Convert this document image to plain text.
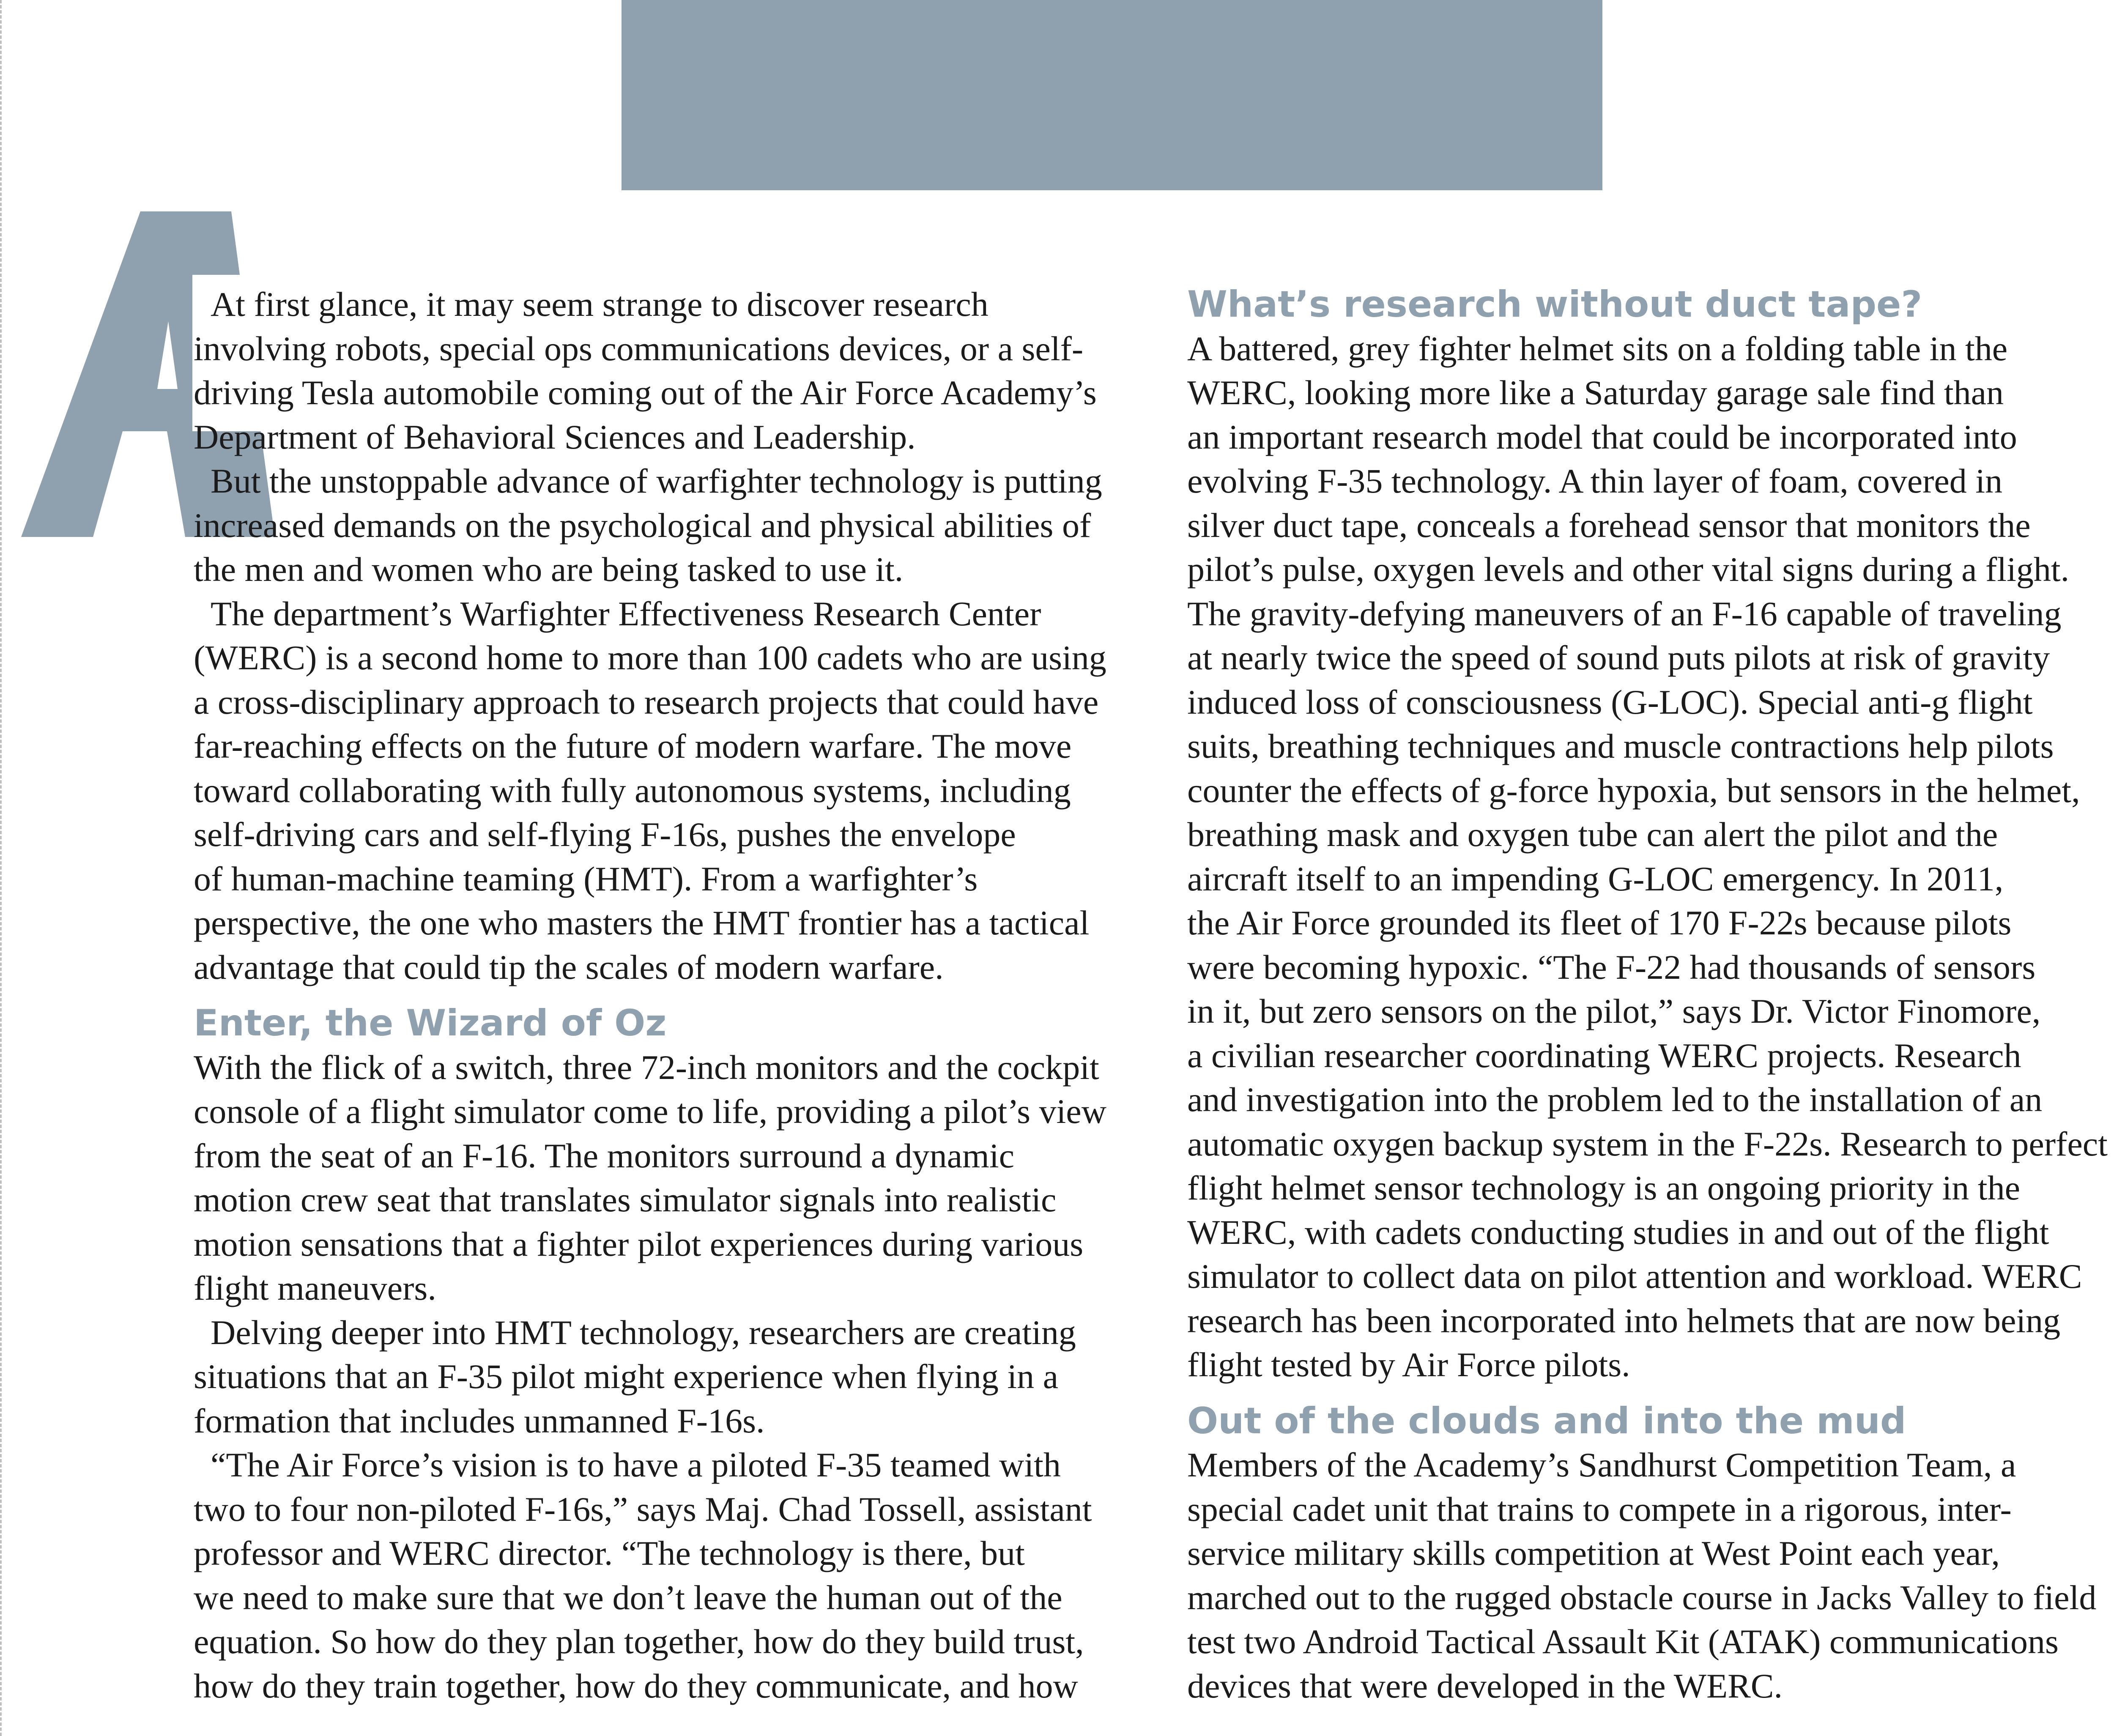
At first glance, it may seem strange to discover research
involving robots, special ops communications devices, or a self-
driving Tesla automobile coming out of the Air Force Academy’s
Department of Behavioral Sciences and Leadership.
But the unstoppable advance of warfighter technology is putting
increased demands on the psychological and physical abilities of
the men and women who are being tasked to use it.
The department’s Warfighter Effectiveness Research Center
(WERC) is a second home to more than 100 cadets who are using
a cross-disciplinary approach to research projects that could have
far-reaching effects on the future of modern warfare. The move
toward collaborating with fully autonomous systems, including
self-driving cars and self-flying F-16s, pushes the envelope
of human-machine teaming (HMT). From a warfighter’s
perspective, the one who masters the HMT frontier has a tactical
advantage that could tip the scales of modern warfare.
Enter, the Wizard of Oz
With the flick of a switch, three 72-inch monitors and the cockpit
console of a flight simulator come to life, providing a pilot’s view
from the seat of an F-16. The monitors surround a dynamic
motion crew seat that translates simulator signals into realistic
motion sensations that a fighter pilot experiences during various
flight maneuvers.
Delving deeper into HMT technology, researchers are creating
situations that an F-35 pilot might experience when flying in a
formation that includes unmanned F-16s.
“The Air Force’s vision is to have a piloted F-35 teamed with
two to four non-piloted F-16s,” says Maj. Chad Tossell, assistant
professor and WERC director. “The technology is there, but
we need to make sure that we don’t leave the human out of the
equation. So how do they plan together, how do they build trust,
how do they train together, how do they communicate, and how
What’s research without duct tape?
A battered, grey fighter helmet sits on a folding table in the
WERC, looking more like a Saturday garage sale find than
an important research model that could be incorporated into
evolving F-35 technology. A thin layer of foam, covered in
silver duct tape, conceals a forehead sensor that monitors the
pilot’s pulse, oxygen levels and other vital signs during a flight.
The gravity-defying maneuvers of an F-16 capable of traveling
at nearly twice the speed of sound puts pilots at risk of gravity
induced loss of consciousness (G-LOC). Special anti-g flight
suits, breathing techniques and muscle contractions help pilots
counter the effects of g-force hypoxia, but sensors in the helmet,
breathing mask and oxygen tube can alert the pilot and the
aircraft itself to an impending G-LOC emergency. In 2011,
the Air Force grounded its fleet of 170 F-22s because pilots
were becoming hypoxic. “The F-22 had thousands of sensors
in it, but zero sensors on the pilot,” says Dr. Victor Finomore,
a civilian researcher coordinating WERC projects. Research
and investigation into the problem led to the installation of an
automatic oxygen backup system in the F-22s. Research to perfect
flight helmet sensor technology is an ongoing priority in the
WERC, with cadets conducting studies in and out of the flight
simulator to collect data on pilot attention and workload. WERC
research has been incorporated into helmets that are now being
flight tested by Air Force pilots.
Out of the clouds and into the mud
Members of the Academy’s Sandhurst Competition Team, a
special cadet unit that trains to compete in a rigorous, inter-
service military skills competition at West Point each year,
marched out to the rugged obstacle course in Jacks Valley to field
test two Android Tactical Assault Kit (ATAK) communications
devices that were developed in the WERC.
